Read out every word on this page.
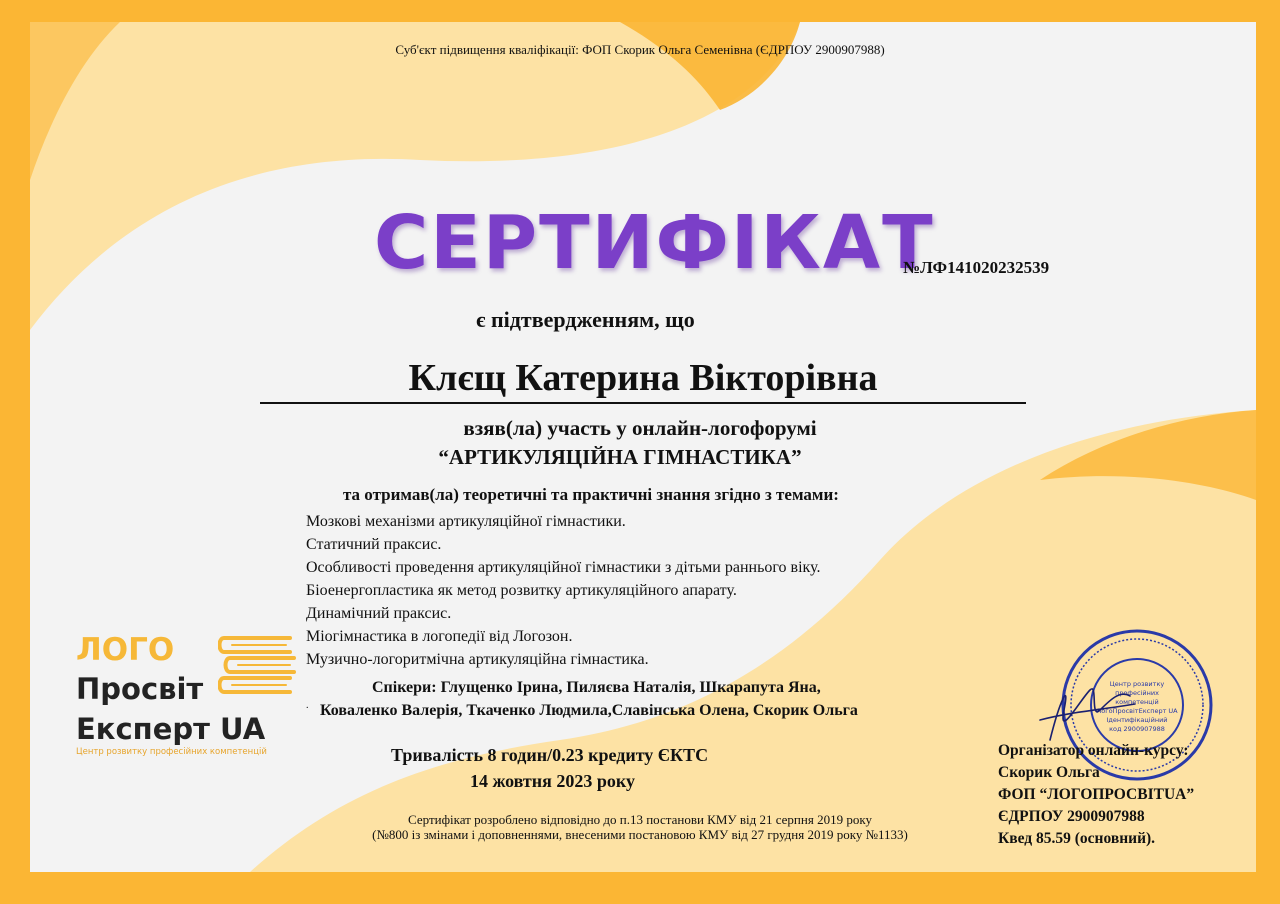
Суб'єкт підвищення кваліфікації: ФОП Скорик Ольга Семенівна (ЄДРПОУ 2900907988)
СЕРТИФІКАТ
№ЛФ141020232539
є підтвердженням, що
Клєщ Катерина Вікторівна
взяв(ла) участь у онлайн-логофорумі
“АРТИКУЛЯЦІЙНА ГІМНАСТИКА”
та отримав(ла) теоретичні та практичні знання згідно з темами:
Мозкові механізми артикуляційної гімнастики.
Статичний праксис.
Особливості проведення артикуляційної гімнастики з дітьми раннього віку.
Біоенергопластика як метод розвитку артикуляційного апарату.
Динамічний праксис.
Міогімнастика в логопедії від Логозон.
Музично-логоритмічна артикуляційна гімнастика.
Спікери: Глущенко Ірина, Пиляєва Наталія, Шкарапута Яна,
. Коваленко Валерія, Ткаченко Людмила,Славінська Олена, Скорик Ольга
Тривалість 8 годин/0.23 кредиту ЄКТС
14 жовтня 2023 року
Сертифікат розроблено відповідно до п.13 постанови КМУ від 21 серпня 2019 року
(№800 із змінами і доповненнями, внесеними постановою КМУ від 27 грудня 2019 року №1133)
ЛОГО
Просвіт
Експерт UA
Центр розвитку професійних компетенцій
Центр розвитку
професійних
компетенцій
ЛогоПросвітЕксперт UA
Ідентифікаційний
код 2900907988
Організатор онлайн-курсу:
Скорик Ольга
ФОП “ЛОГОПРОСВІТUA”
ЄДРПОУ 2900907988
Квед 85.59 (основний).
